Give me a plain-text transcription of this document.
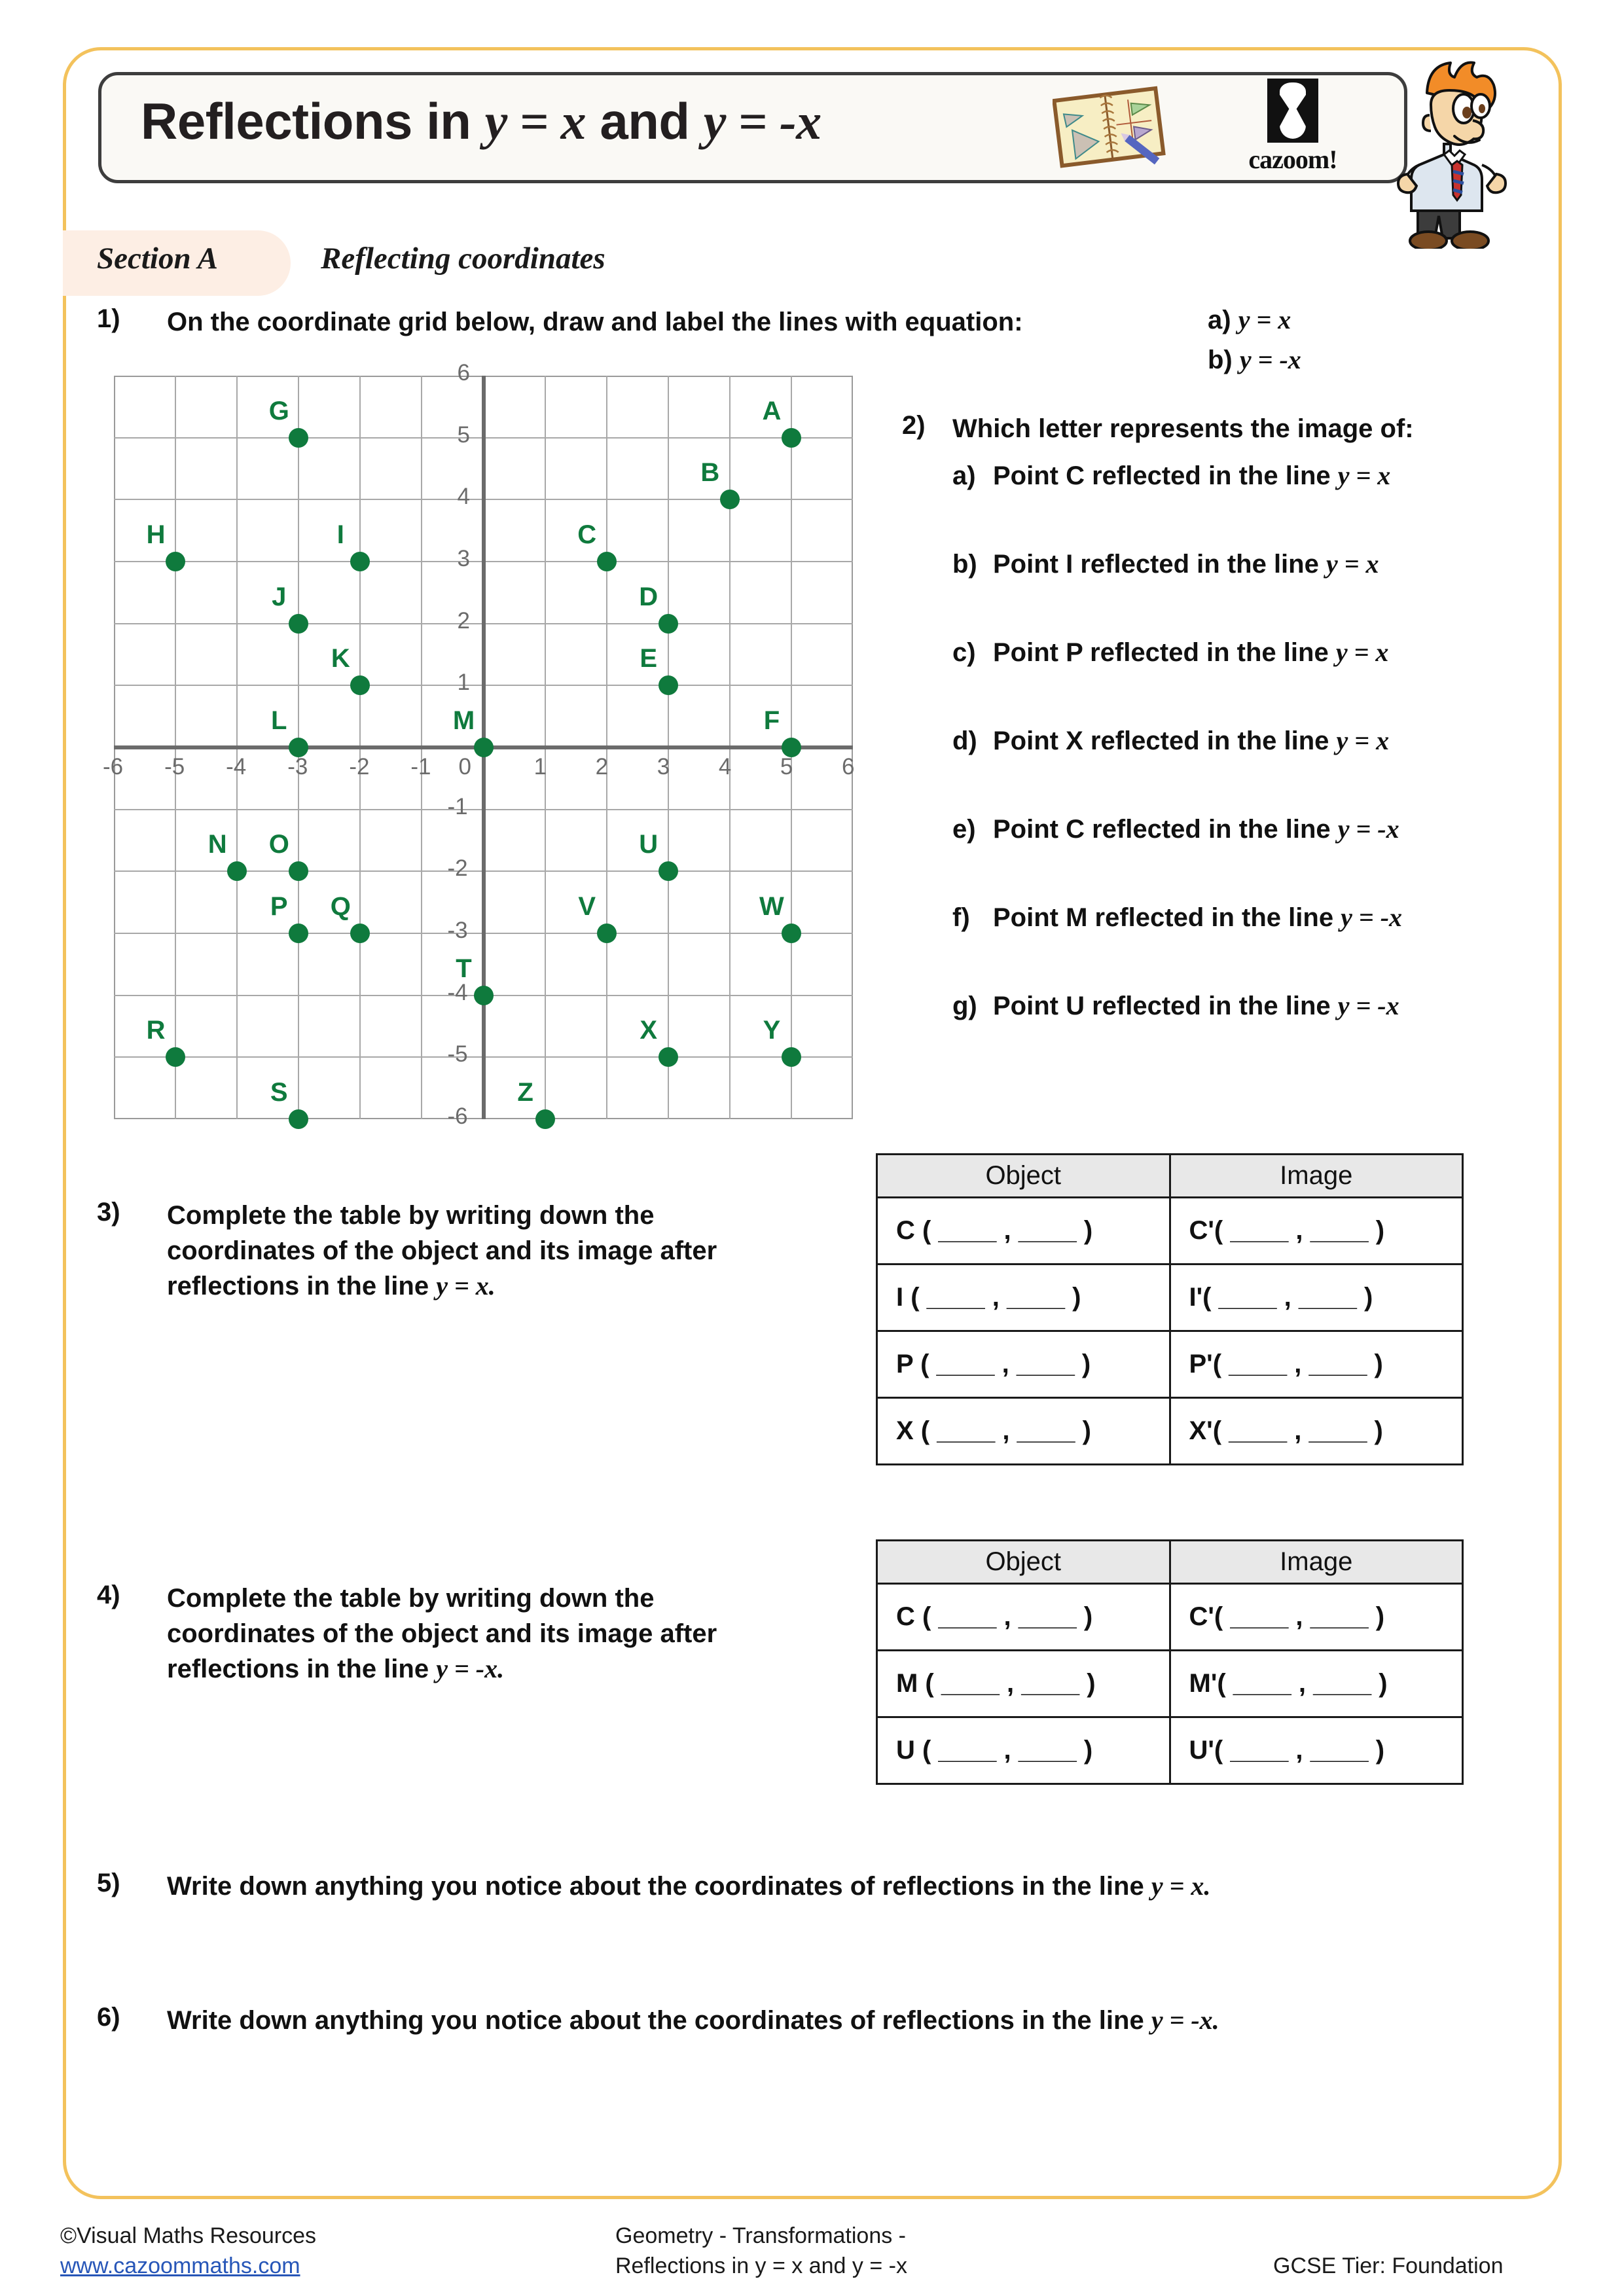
Reflections in y = x and y = -x
cazoom!
Section A	Reflecting coordinates
1) On the coordinate grid below, draw and label the lines with equation:	a) y = x
b) y = -x
A
B
C
D
E
F
G
H	I
J
K
L	M
N O
P Q
R
S
T
U
V	W
X	Y
Z
-6 -5 -4 -3 -2 -1 0	1 2 3 4 5 6
-6
-5
-4
-3
-2
-1
1
2
3
4
5
6
2) Which letter represents the image of:
3) Complete the table by writing down the
coordinates of the object and its image after
reflections in the line y = x.
Object	Image
C ( ____ , ____ )	C'( ____ , ____ )
I ( ____ , ____ )	I'( ____ , ____ )
P ( ____ , ____ )	P'( ____ , ____ )
X ( ____ , ____ )	X'( ____ , ____ )
4) Complete the table by writing down the
coordinates of the object and its image after
reflections in the line y = -x.
Object	Image
C ( ____ , ____ )	C'( ____ , ____ )
M ( ____ , ____ )	M'( ____ , ____ )
U ( ____ , ____ )	U'( ____ , ____ )
5) Write down anything you notice about the coordinates of reflections in the line y = x.
6) Write down anything you notice about the coordinates of reflections in the line y = -x.
©Visual Maths Resources
www.cazoommaths.com
Geometry - Transformations -
Reflections in y = x and y = -x	GCSE Tier: Foundation
a) Point C reflected in the line y = x
b) Point I reflected in the line y = x
c) Point P reflected in the line y = x
d) Point X reflected in the line y = x
e) Point C reflected in the line y = -x
f) Point M reflected in the line y = -x
g) Point U reflected in the line y = -x
